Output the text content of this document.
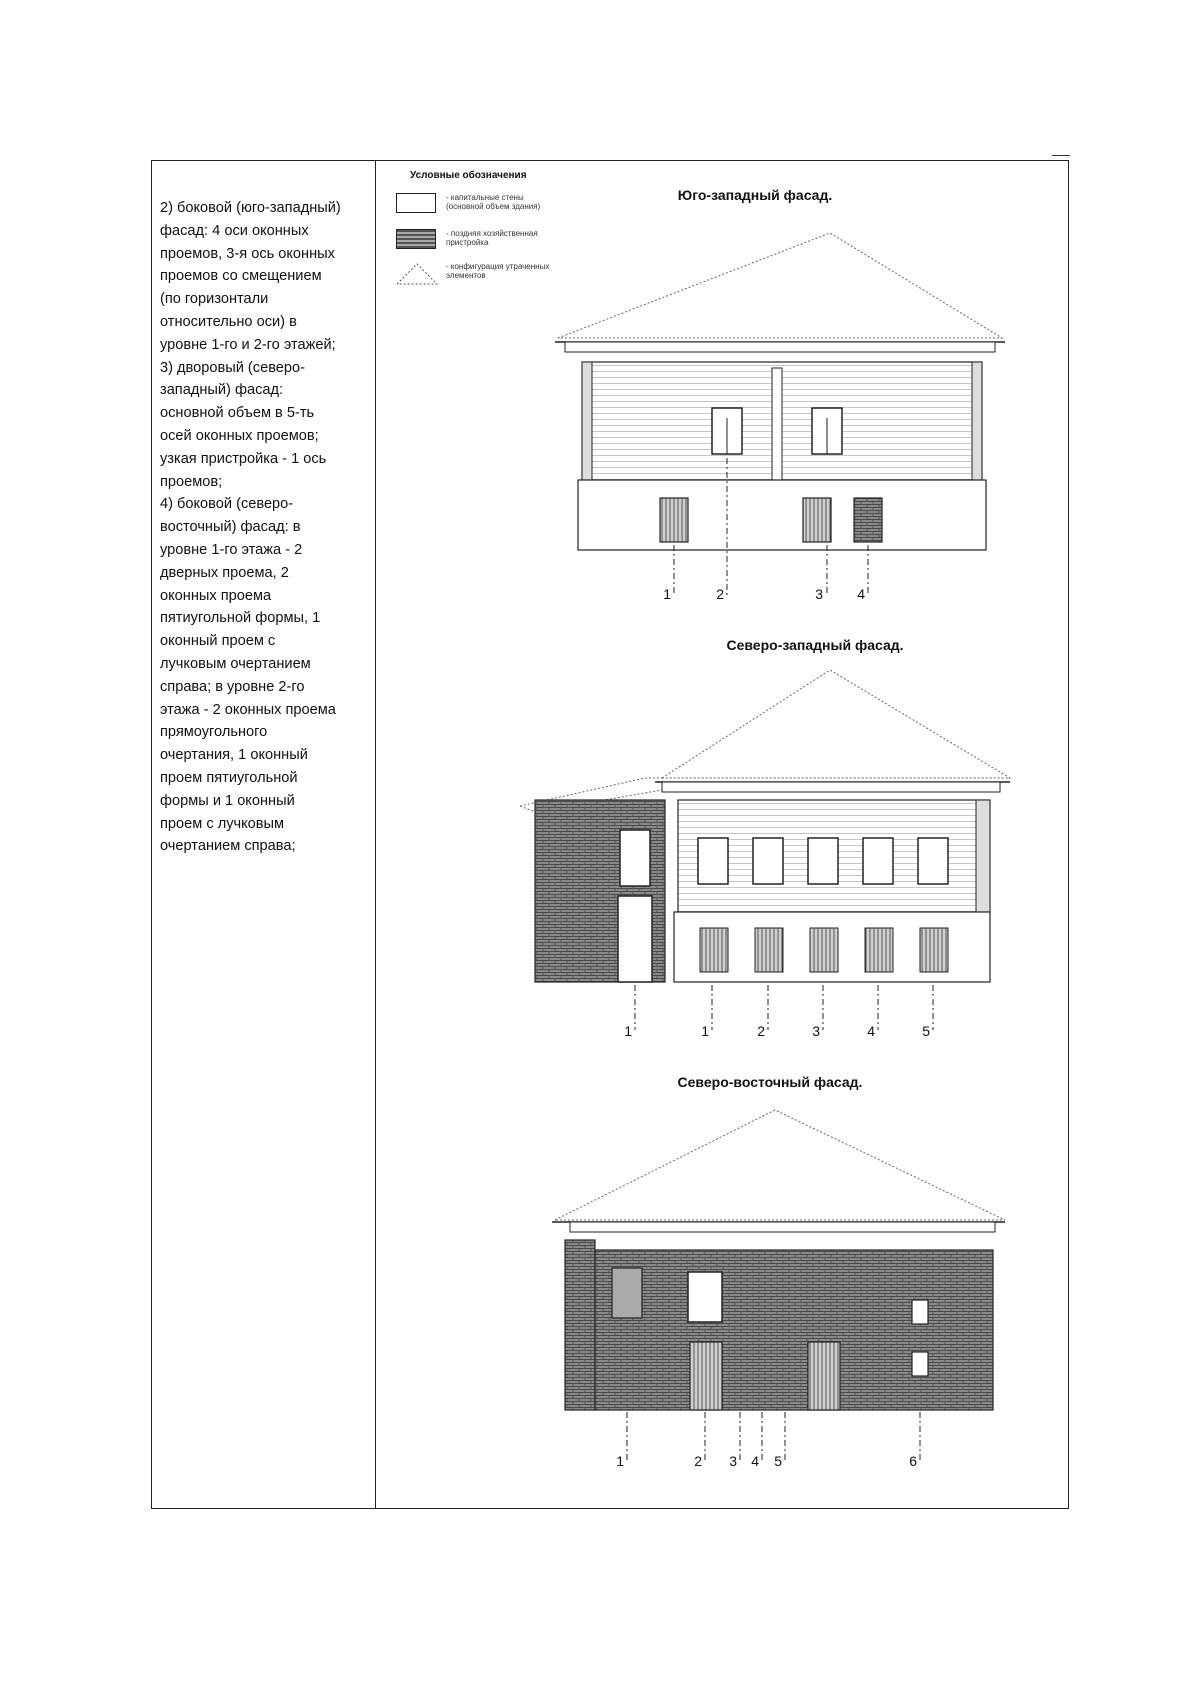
2) боковой (юго-западный)
фасад: 4 оси оконных
проемов, 3-я ось оконных
проемов со смещением
(по горизонтали
относительно оси) в
уровне 1-го и 2-го этажей;
3) дворовый (северо-
западный) фасад:
основной объем в 5-ть
осей оконных проемов;
узкая пристройка - 1 ось
проемов;
4) боковой (северо-
восточный) фасад: в
уровне 1-го этажа - 2
дверных проема, 2
оконных проема
пятиугольной формы, 1
оконный проем с
лучковым очертанием
справа; в уровне 2-го
этажа - 2 оконных проема
прямоугольного
очертания, 1 оконный
проем пятиугольной
формы и 1 оконный
проем с лучковым
очертанием справа;
Условные обозначения
- капитальные стены
(основной объем здания)
- поздняя хозяйственная
пристройка
- конфигурация утраченных
элементов
Юго-западный фасад.
Северо-западный фасад.
Северо-восточный фасад.
1	2	3 4
1	1	2	3	4	5
1	2 3 4 5	6
